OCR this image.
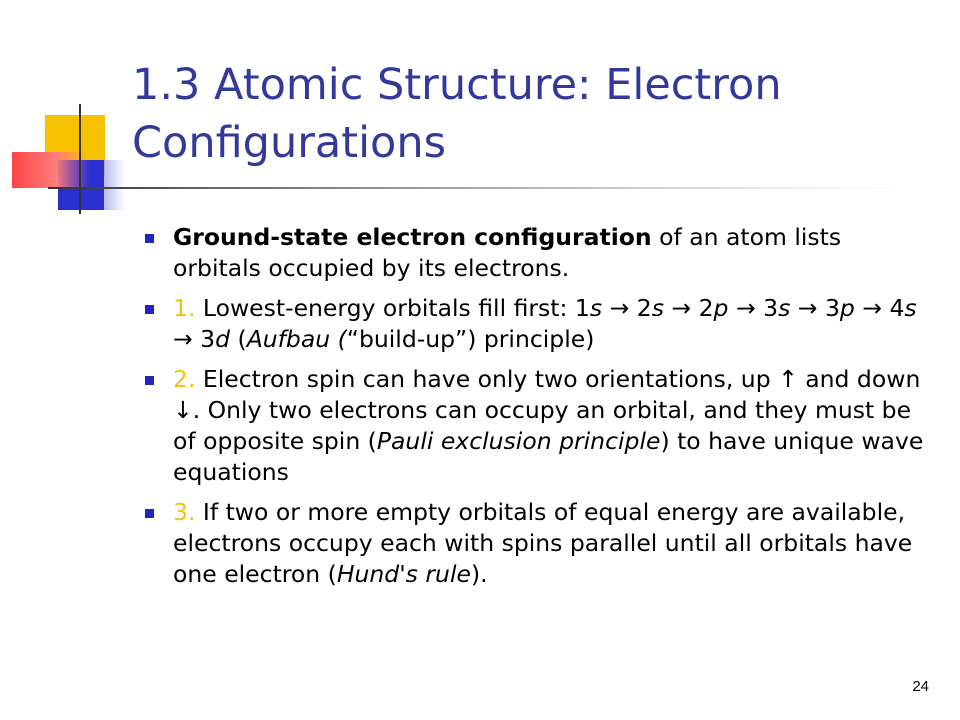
1.3 Atomic Structure: Electron
Configurations
Ground-state electron configuration of an atom lists orbitals occupied by its electrons.
1. Lowest-energy orbitals fill first: 1s → 2s → 2p → 3s → 3p → 4s → 3d (Aufbau (“build-up”) principle)
2. Electron spin can have only two orientations, up ↑ and down ↓. Only two electrons can occupy an orbital, and they must be of opposite spin (Pauli exclusion principle) to have unique wave equations
3. If two or more empty orbitals of equal energy are available, electrons occupy each with spins parallel until all orbitals have one electron (Hund's rule).
24
